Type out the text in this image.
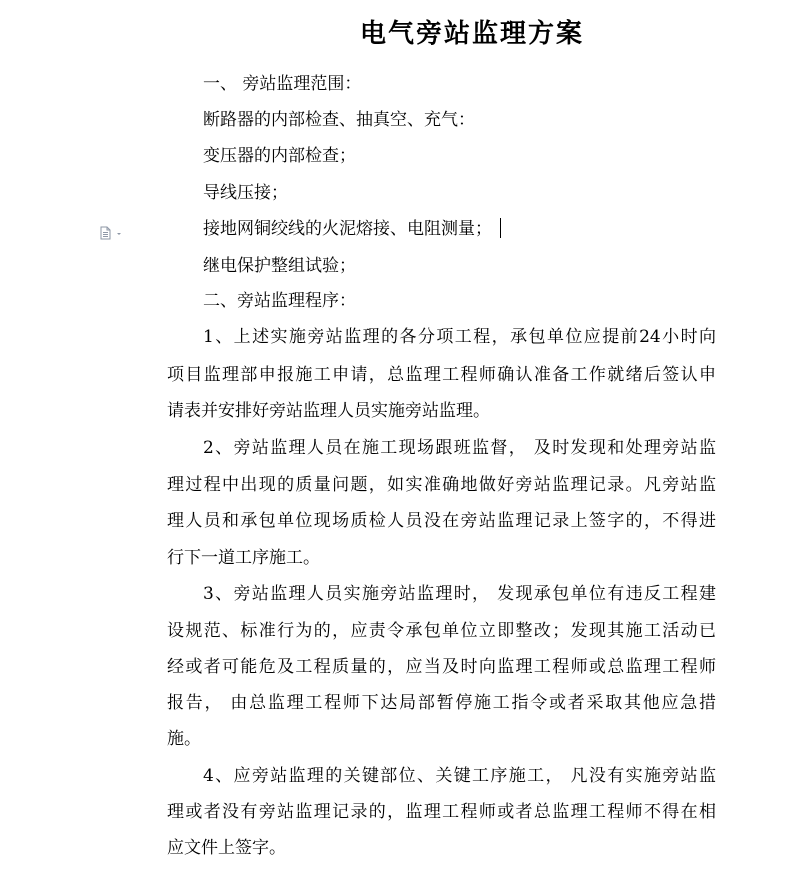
电气旁站监理方案

一、 旁站监理范围：

断路器的内部检查、抽真空、充气：

变压器的内部检查；

导线压接；

接地网铜绞线的火泥熔接、电阻测量；

继电保护整组试验；

二、旁站监理程序：

1、上述实施旁站监理的各分项工程，承包单位应提前24小时向

项目监理部申报施工申请，总监理工程师确认准备工作就绪后签认申

请表并安排好旁站监理人员实施旁站监理。

2、旁站监理人员在施工现场跟班监督， 及时发现和处理旁站监

理过程中出现的质量问题，如实准确地做好旁站监理记录。凡旁站监

理人员和承包单位现场质检人员没在旁站监理记录上签字的，不得进

行下一道工序施工。

3、旁站监理人员实施旁站监理时， 发现承包单位有违反工程建

设规范、标准行为的，应责令承包单位立即整改；发现其施工活动已

经或者可能危及工程质量的，应当及时向监理工程师或总监理工程师

报告， 由总监理工程师下达局部暂停施工指令或者采取其他应急措

施。

4、应旁站监理的关键部位、关键工序施工， 凡没有实施旁站监

理或者没有旁站监理记录的，监理工程师或者总监理工程师不得在相

应文件上签字。
